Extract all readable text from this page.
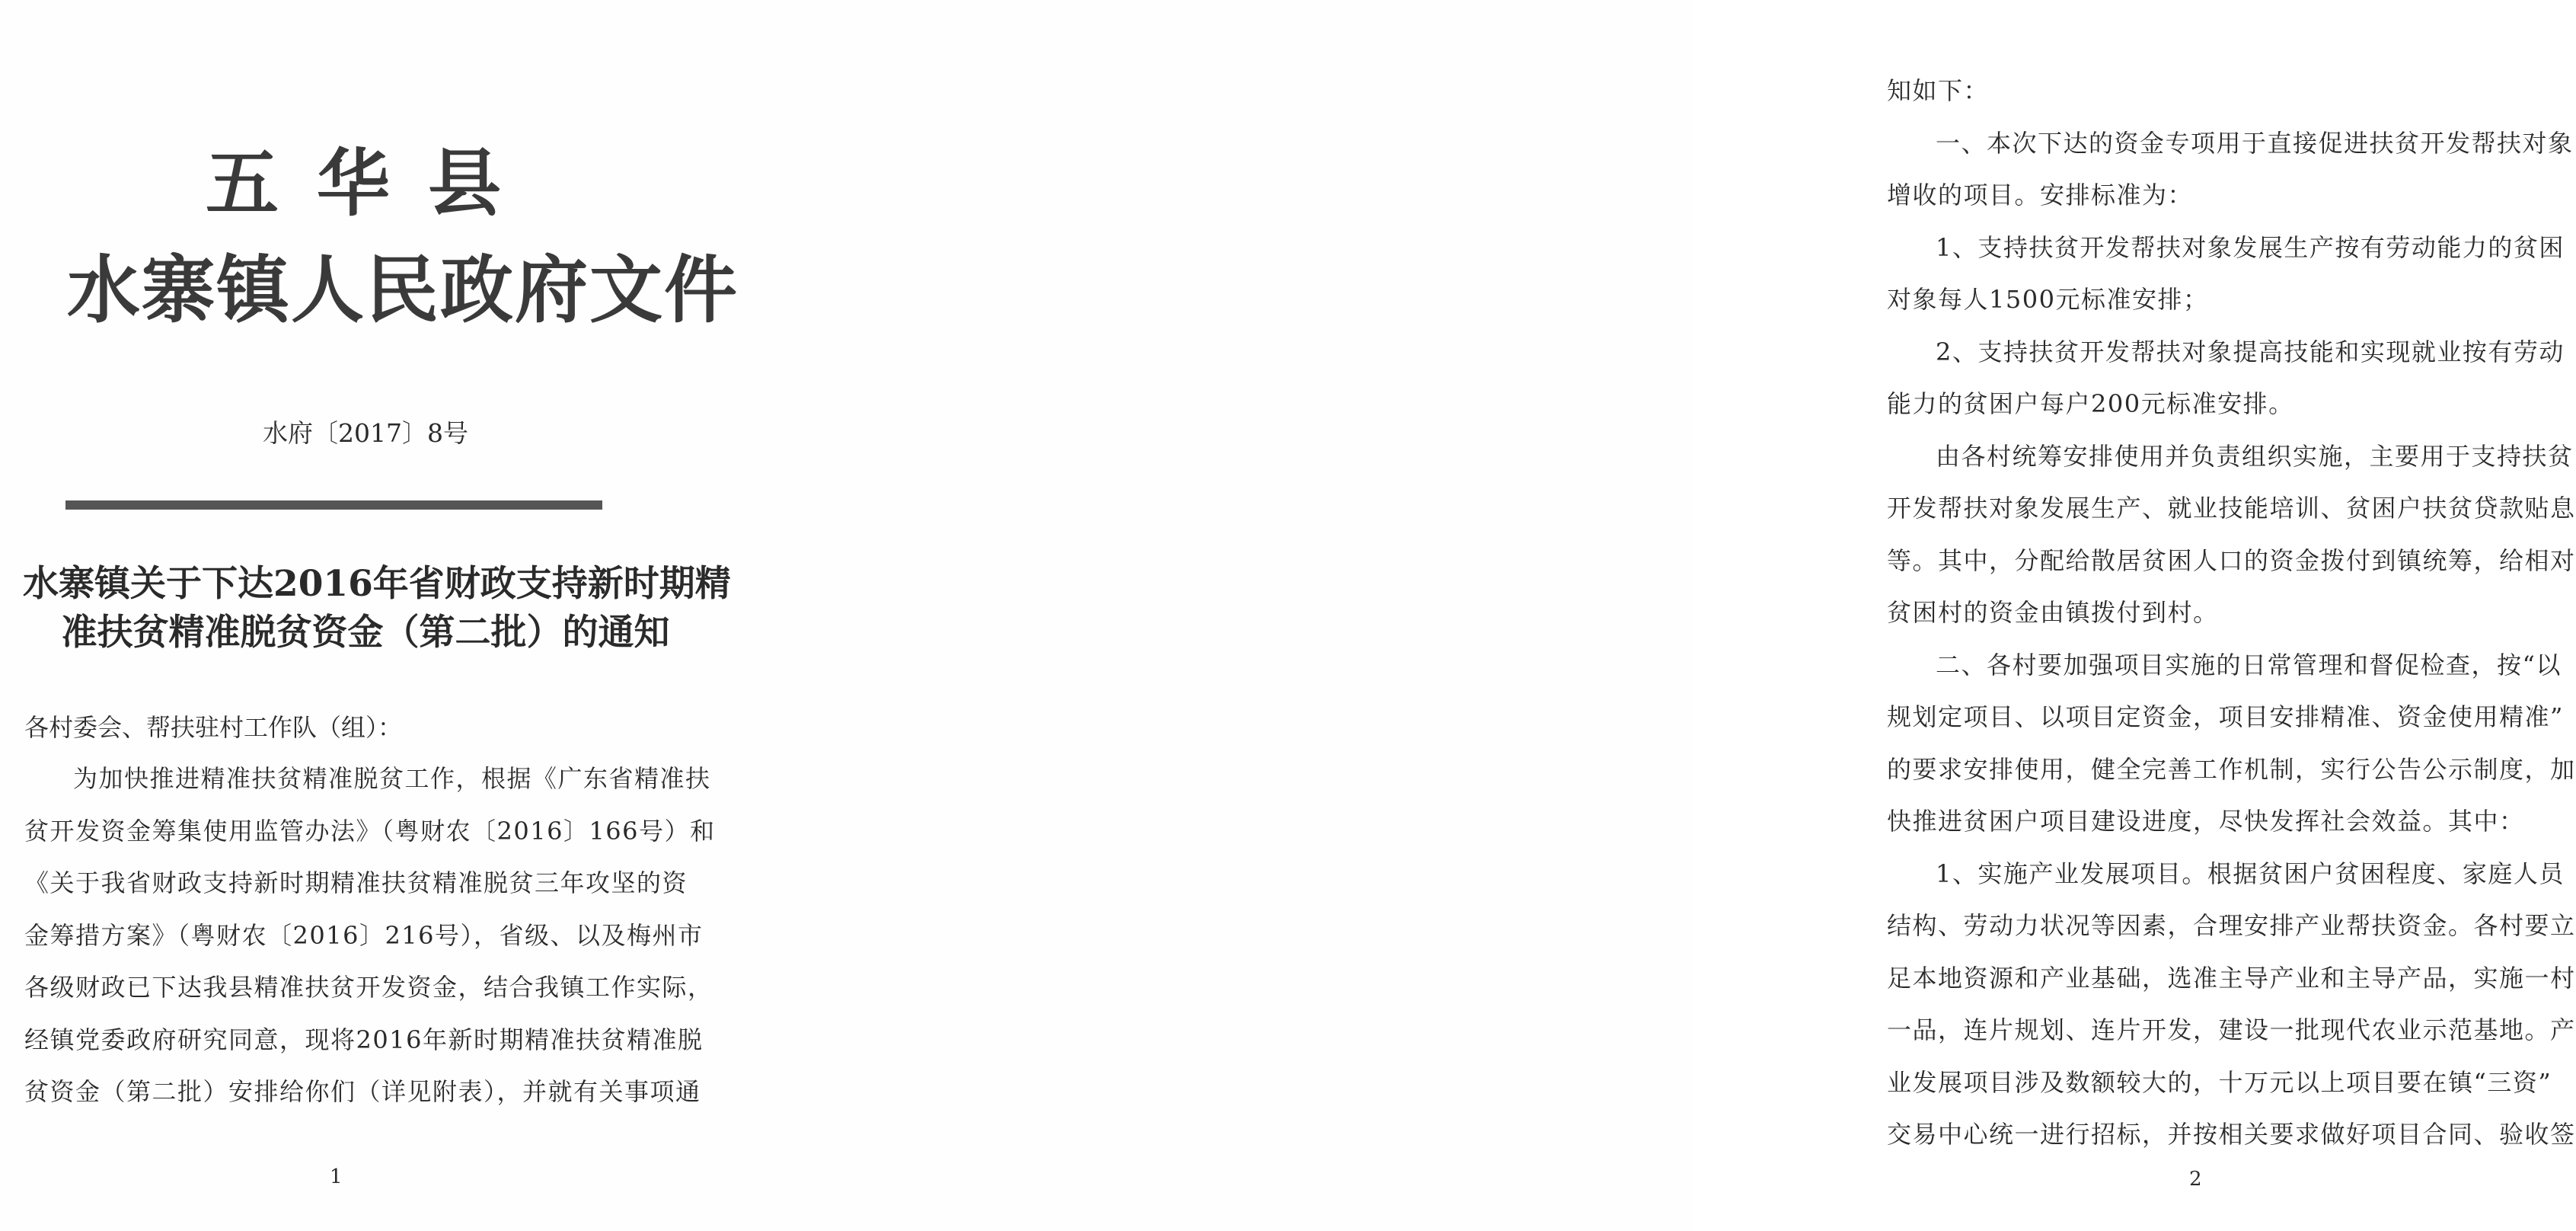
五华县
水寨镇人民政府文件
水府〔2017〕8号
水寨镇关于下达2016年省财政支持新时期精
准扶贫精准脱贫资金（第二批）的通知
各村委会、帮扶驻村工作队（组）：
为加快推进精准扶贫精准脱贫工作，根据《广东省精准扶
贫开发资金筹集使用监管办法》（粤财农〔2016〕166号）和
《关于我省财政支持新时期精准扶贫精准脱贫三年攻坚的资
金筹措方案》（粤财农〔2016〕216号），省级、以及梅州市
各级财政已下达我县精准扶贫开发资金，结合我镇工作实际，
经镇党委政府研究同意，现将2016年新时期精准扶贫精准脱
贫资金（第二批）安排给你们（详见附表），并就有关事项通
1
知如下：
一、本次下达的资金专项用于直接促进扶贫开发帮扶对象
增收的项目。安排标准为：
1、支持扶贫开发帮扶对象发展生产按有劳动能力的贫困
对象每人1500元标准安排；
2、支持扶贫开发帮扶对象提高技能和实现就业按有劳动
能力的贫困户每户200元标准安排。
由各村统筹安排使用并负责组织实施，主要用于支持扶贫
开发帮扶对象发展生产、就业技能培训、贫困户扶贫贷款贴息
等。其中，分配给散居贫困人口的资金拨付到镇统筹，给相对
贫困村的资金由镇拨付到村。
二、各村要加强项目实施的日常管理和督促检查，按“以
规划定项目、以项目定资金，项目安排精准、资金使用精准”
的要求安排使用，健全完善工作机制，实行公告公示制度，加
快推进贫困户项目建设进度，尽快发挥社会效益。其中：
1、实施产业发展项目。根据贫困户贫困程度、家庭人员
结构、劳动力状况等因素，合理安排产业帮扶资金。各村要立
足本地资源和产业基础，选准主导产业和主导产品，实施一村
一品，连片规划、连片开发，建设一批现代农业示范基地。产
业发展项目涉及数额较大的，十万元以上项目要在镇“三资”
交易中心统一进行招标，并按相关要求做好项目合同、验收签
2
